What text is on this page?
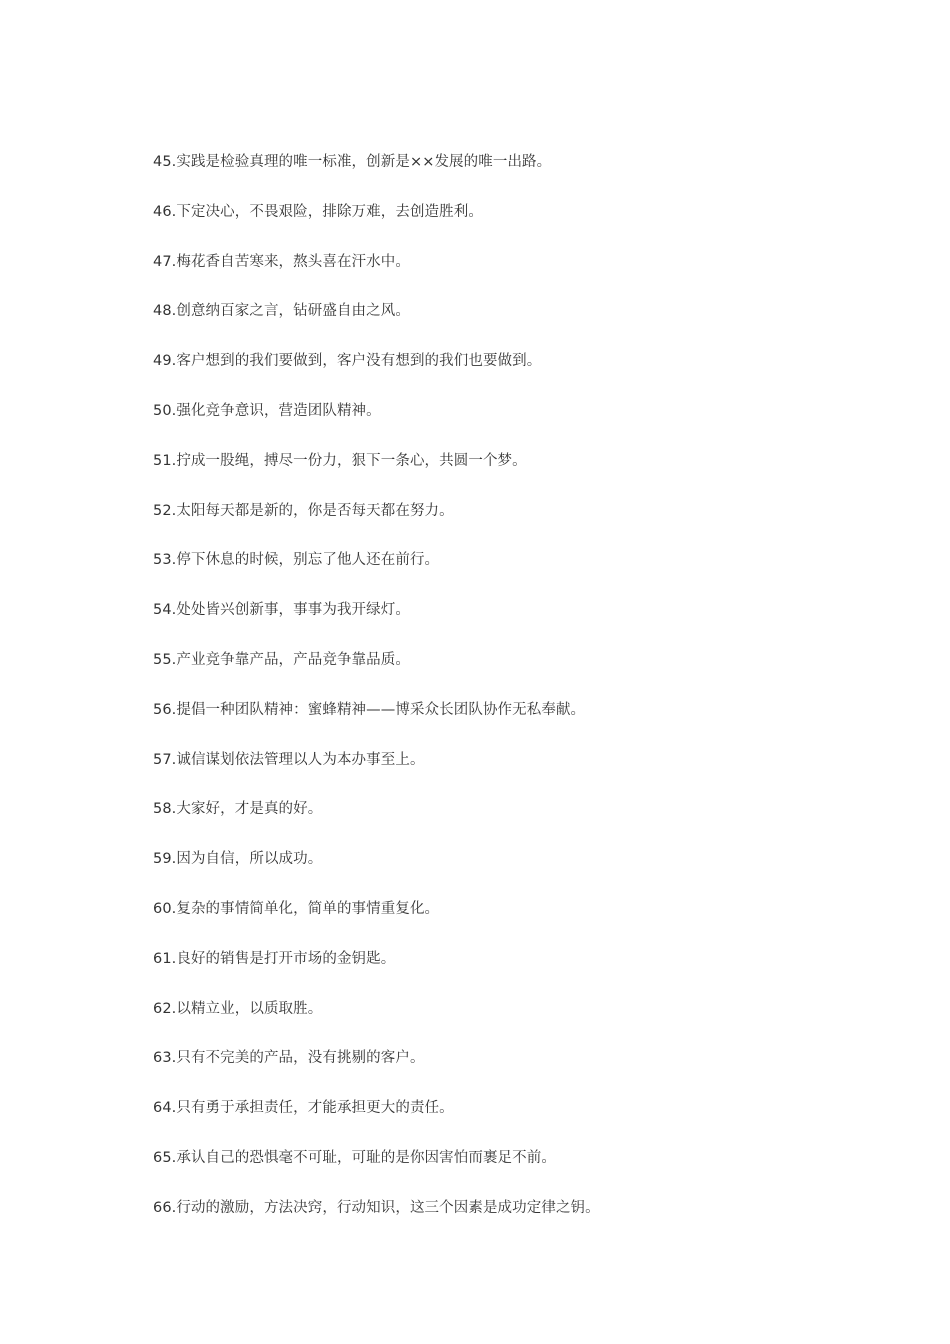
45.实践是检验真理的唯一标准，创新是××发展的唯一出路。
46.下定决心，不畏艰险，排除万难，去创造胜利。
47.梅花香自苦寒来，熬头喜在汗水中。
48.创意纳百家之言，钻研盛自由之风。
49.客户想到的我们要做到，客户没有想到的我们也要做到。
50.强化竞争意识，营造团队精神。
51.拧成一股绳，搏尽一份力，狠下一条心，共圆一个梦。
52.太阳每天都是新的，你是否每天都在努力。
53.停下休息的时候，别忘了他人还在前行。
54.处处皆兴创新事，事事为我开绿灯。
55.产业竞争靠产品，产品竞争靠品质。
56.提倡一种团队精神：蜜蜂精神——博采众长团队协作无私奉献。
57.诚信谋划依法管理以人为本办事至上。
58.大家好，才是真的好。
59.因为自信，所以成功。
60.复杂的事情简单化，简单的事情重复化。
61.良好的销售是打开市场的金钥匙。
62.以精立业，以质取胜。
63.只有不完美的产品，没有挑剔的客户。
64.只有勇于承担责任，才能承担更大的责任。
65.承认自己的恐惧毫不可耻，可耻的是你因害怕而裹足不前。
66.行动的激励，方法决窍，行动知识，这三个因素是成功定律之钥。
